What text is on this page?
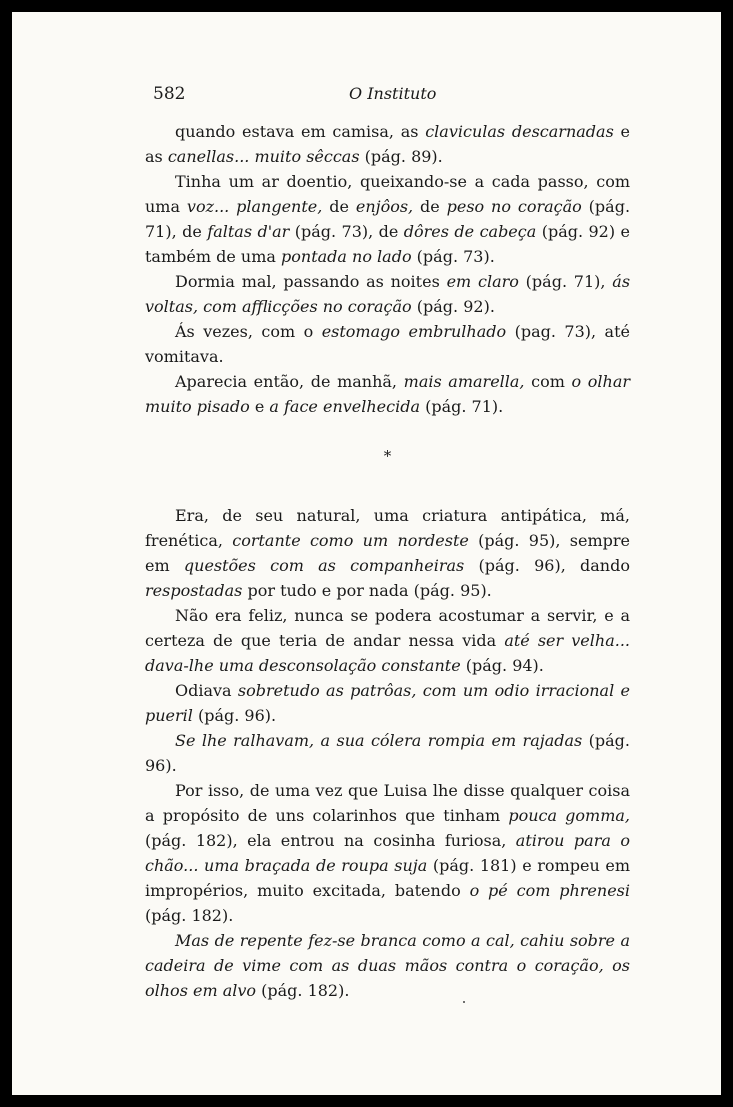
582	O Instituto

quando estava em camisa, as claviculas descarnadas e as canellas... muito sêccas (pág. 89).

Tinha um ar doentio, queixando-se a cada passo, com uma voz... plangente, de enjôos, de peso no coração (pág. 71), de faltas d'ar (pág. 73), de dôres de cabeça (pág. 92) e também de uma pontada no lado (pág. 73).

Dormia mal, passando as noites em claro (pág. 71), ás voltas, com afflicções no coração (pág. 92).

Ás vezes, com o estomago embrulhado (pag. 73), até vomitava.

Aparecia então, de manhã, mais amarella, com o olhar muito pisado e a face envelhecida (pág. 71).

*

Era, de seu natural, uma criatura antipática, má, frenética, cortante como um nordeste (pág. 95), sempre em questões com as companheiras (pág. 96), dando respostadas por tudo e por nada (pág. 95).

Não era feliz, nunca se podera acostumar a servir, e a certeza de que teria de andar nessa vida até ser velha... dava-lhe uma desconsolação constante (pág. 94).

Odiava sobretudo as patrôas, com um odio irracional e pueril (pág. 96).

Se lhe ralhavam, a sua cólera rompia em rajadas (pág. 96).

Por isso, de uma vez que Luisa lhe disse qualquer coisa a propósito de uns colarinhos que tinham pouca gomma, (pág. 182), ela entrou na cosinha furiosa, atirou para o chão... uma braçada de roupa suja (pág. 181) e rompeu em impropérios, muito excitada, batendo o pé com phrenesi (pág. 182).

Mas de repente fez-se branca como a cal, cahiu sobre a cadeira de vime com as duas mãos contra o coração, os olhos em alvo (pág. 182).
